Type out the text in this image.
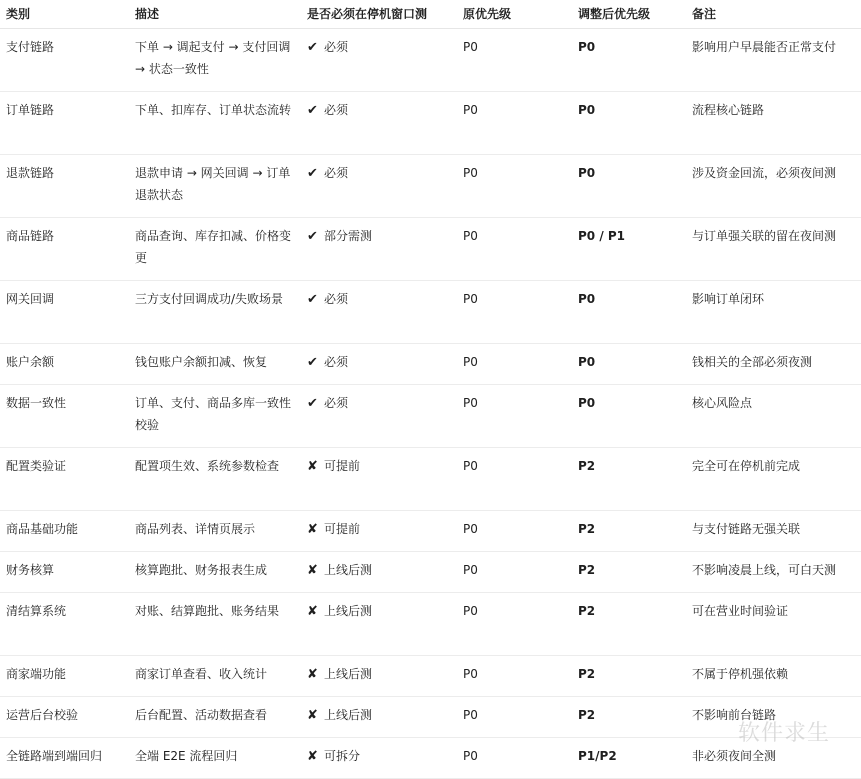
类别	描述	是否必须在停机窗口测	原优先级	调整后优先级	备注
支付链路	下单 → 调起支付 → 支付回调 → 状态一致性	✔ 必须	P0	P0	影响用户早晨能否正常支付
订单链路	下单、扣库存、订单状态流转	✔ 必须	P0	P0	流程核心链路
退款链路	退款申请 → 网关回调 → 订单退款状态	✔ 必须	P0	P0	涉及资金回流，必须夜间测
商品链路	商品查询、库存扣减、价格变更	✔ 部分需测	P0	P0 / P1	与订单强关联的留在夜间测
网关回调	三方支付回调成功/失败场景	✔ 必须	P0	P0	影响订单闭环
账户余额	钱包账户余额扣减、恢复	✔ 必须	P0	P0	钱相关的全部必须夜测
数据一致性	订单、支付、商品多库一致性校验	✔ 必须	P0	P0	核心风险点
配置类验证	配置项生效、系统参数检查	✘ 可提前	P0	P2	完全可在停机前完成
商品基础功能	商品列表、详情页展示	✘ 可提前	P0	P2	与支付链路无强关联
财务核算	核算跑批、财务报表生成	✘ 上线后测	P0	P2	不影响凌晨上线，可白天测
清结算系统	对账、结算跑批、账务结果	✘ 上线后测	P0	P2	可在营业时间验证
商家端功能	商家订单查看、收入统计	✘ 上线后测	P0	P2	不属于停机强依赖
运营后台校验	后台配置、活动数据查看	✘ 上线后测	P0	P2	不影响前台链路
全链路端到端回归	全端 E2E 流程回归	✘ 可拆分	P0	P1/P2	非必须夜间全测
软件求生
